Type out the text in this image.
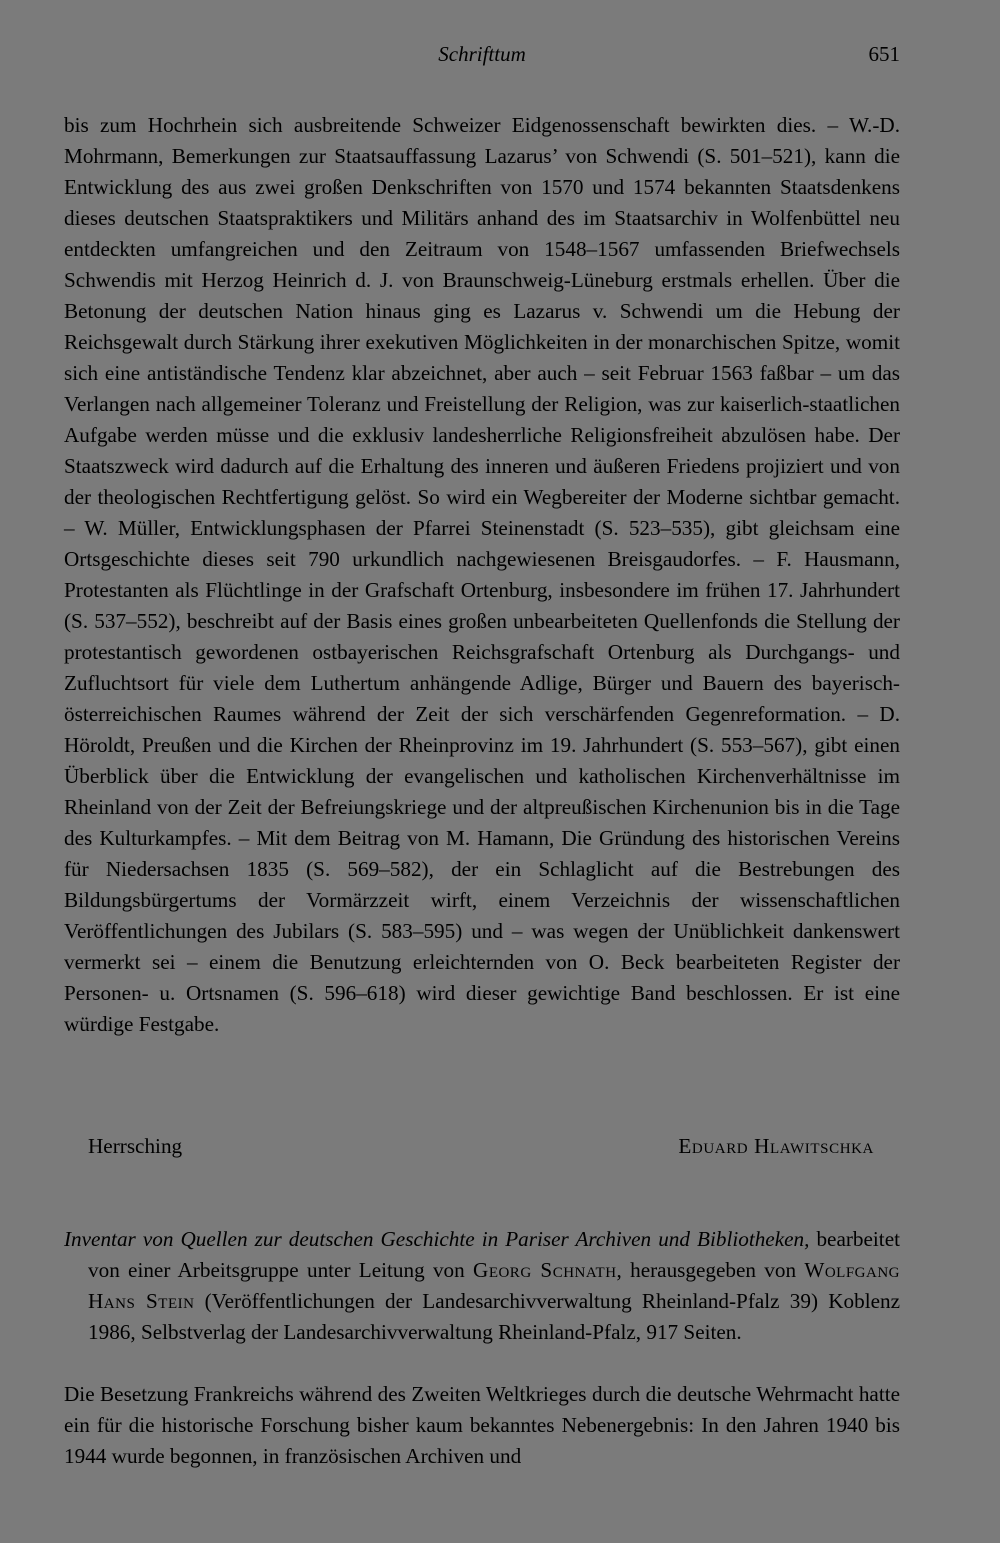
Schrifttum	651

bis zum Hochrhein sich ausbreitende Schweizer Eidgenossenschaft bewirkten dies. – W.-D. Mohrmann, Bemerkungen zur Staatsauffassung Lazarus’ von Schwendi (S. 501–521), kann die Entwicklung des aus zwei großen Denkschriften von 1570 und 1574 bekannten Staatsdenkens dieses deutschen Staatspraktikers und Militärs anhand des im Staatsarchiv in Wolfenbüttel neu entdeckten umfangreichen und den Zeitraum von 1548–1567 umfassenden Briefwechsels Schwendis mit Herzog Heinrich d. J. von Braunschweig-Lüneburg erstmals erhellen. Über die Betonung der deutschen Nation hinaus ging es Lazarus v. Schwendi um die Hebung der Reichsgewalt durch Stärkung ihrer exekutiven Möglichkeiten in der monarchischen Spitze, womit sich eine antiständische Tendenz klar abzeichnet, aber auch – seit Februar 1563 faßbar – um das Verlangen nach allgemeiner Toleranz und Freistellung der Religion, was zur kaiserlich-staatlichen Aufgabe werden müsse und die exklusiv landesherrliche Religionsfreiheit abzulösen habe. Der Staatszweck wird dadurch auf die Erhaltung des inneren und äußeren Friedens projiziert und von der theologischen Rechtfertigung gelöst. So wird ein Wegbereiter der Moderne sichtbar gemacht. – W. Müller, Entwicklungsphasen der Pfarrei Steinenstadt (S. 523–535), gibt gleichsam eine Ortsgeschichte dieses seit 790 urkundlich nachgewiesenen Breisgaudorfes. – F. Hausmann, Protestanten als Flüchtlinge in der Grafschaft Ortenburg, insbesondere im frühen 17. Jahrhundert (S. 537–552), beschreibt auf der Basis eines großen unbearbeiteten Quellenfonds die Stellung der protestantisch gewordenen ostbayerischen Reichsgrafschaft Ortenburg als Durchgangs- und Zufluchtsort für viele dem Luthertum anhängende Adlige, Bürger und Bauern des bayerisch-österreichischen Raumes während der Zeit der sich verschärfenden Gegenreformation. – D. Höroldt, Preußen und die Kirchen der Rheinprovinz im 19. Jahrhundert (S. 553–567), gibt einen Überblick über die Entwicklung der evangelischen und katholischen Kirchenverhältnisse im Rheinland von der Zeit der Befreiungskriege und der altpreußischen Kirchenunion bis in die Tage des Kulturkampfes. – Mit dem Beitrag von M. Hamann, Die Gründung des historischen Vereins für Niedersachsen 1835 (S. 569–582), der ein Schlaglicht auf die Bestrebungen des Bildungsbürgertums der Vormärzzeit wirft, einem Verzeichnis der wissenschaftlichen Veröffentlichungen des Jubilars (S. 583–595) und – was wegen der Unüblichkeit dankenswert vermerkt sei – einem die Benutzung erleichternden von O. Beck bearbeiteten Register der Personen- u. Ortsnamen (S. 596–618) wird dieser gewichtige Band beschlossen. Er ist eine würdige Festgabe.

Herrsching	Eduard Hlawitschka

Inventar von Quellen zur deutschen Geschichte in Pariser Archiven und Bibliotheken, bearbeitet von einer Arbeitsgruppe unter Leitung von Georg Schnath, herausgegeben von Wolfgang Hans Stein (Veröffentlichungen der Landesarchivverwaltung Rheinland-Pfalz 39) Koblenz 1986, Selbstverlag der Landesarchivverwaltung Rheinland-Pfalz, 917 Seiten.

Die Besetzung Frankreichs während des Zweiten Weltkrieges durch die deutsche Wehrmacht hatte ein für die historische Forschung bisher kaum bekanntes Nebenergebnis: In den Jahren 1940 bis 1944 wurde begonnen, in französischen Archiven und
